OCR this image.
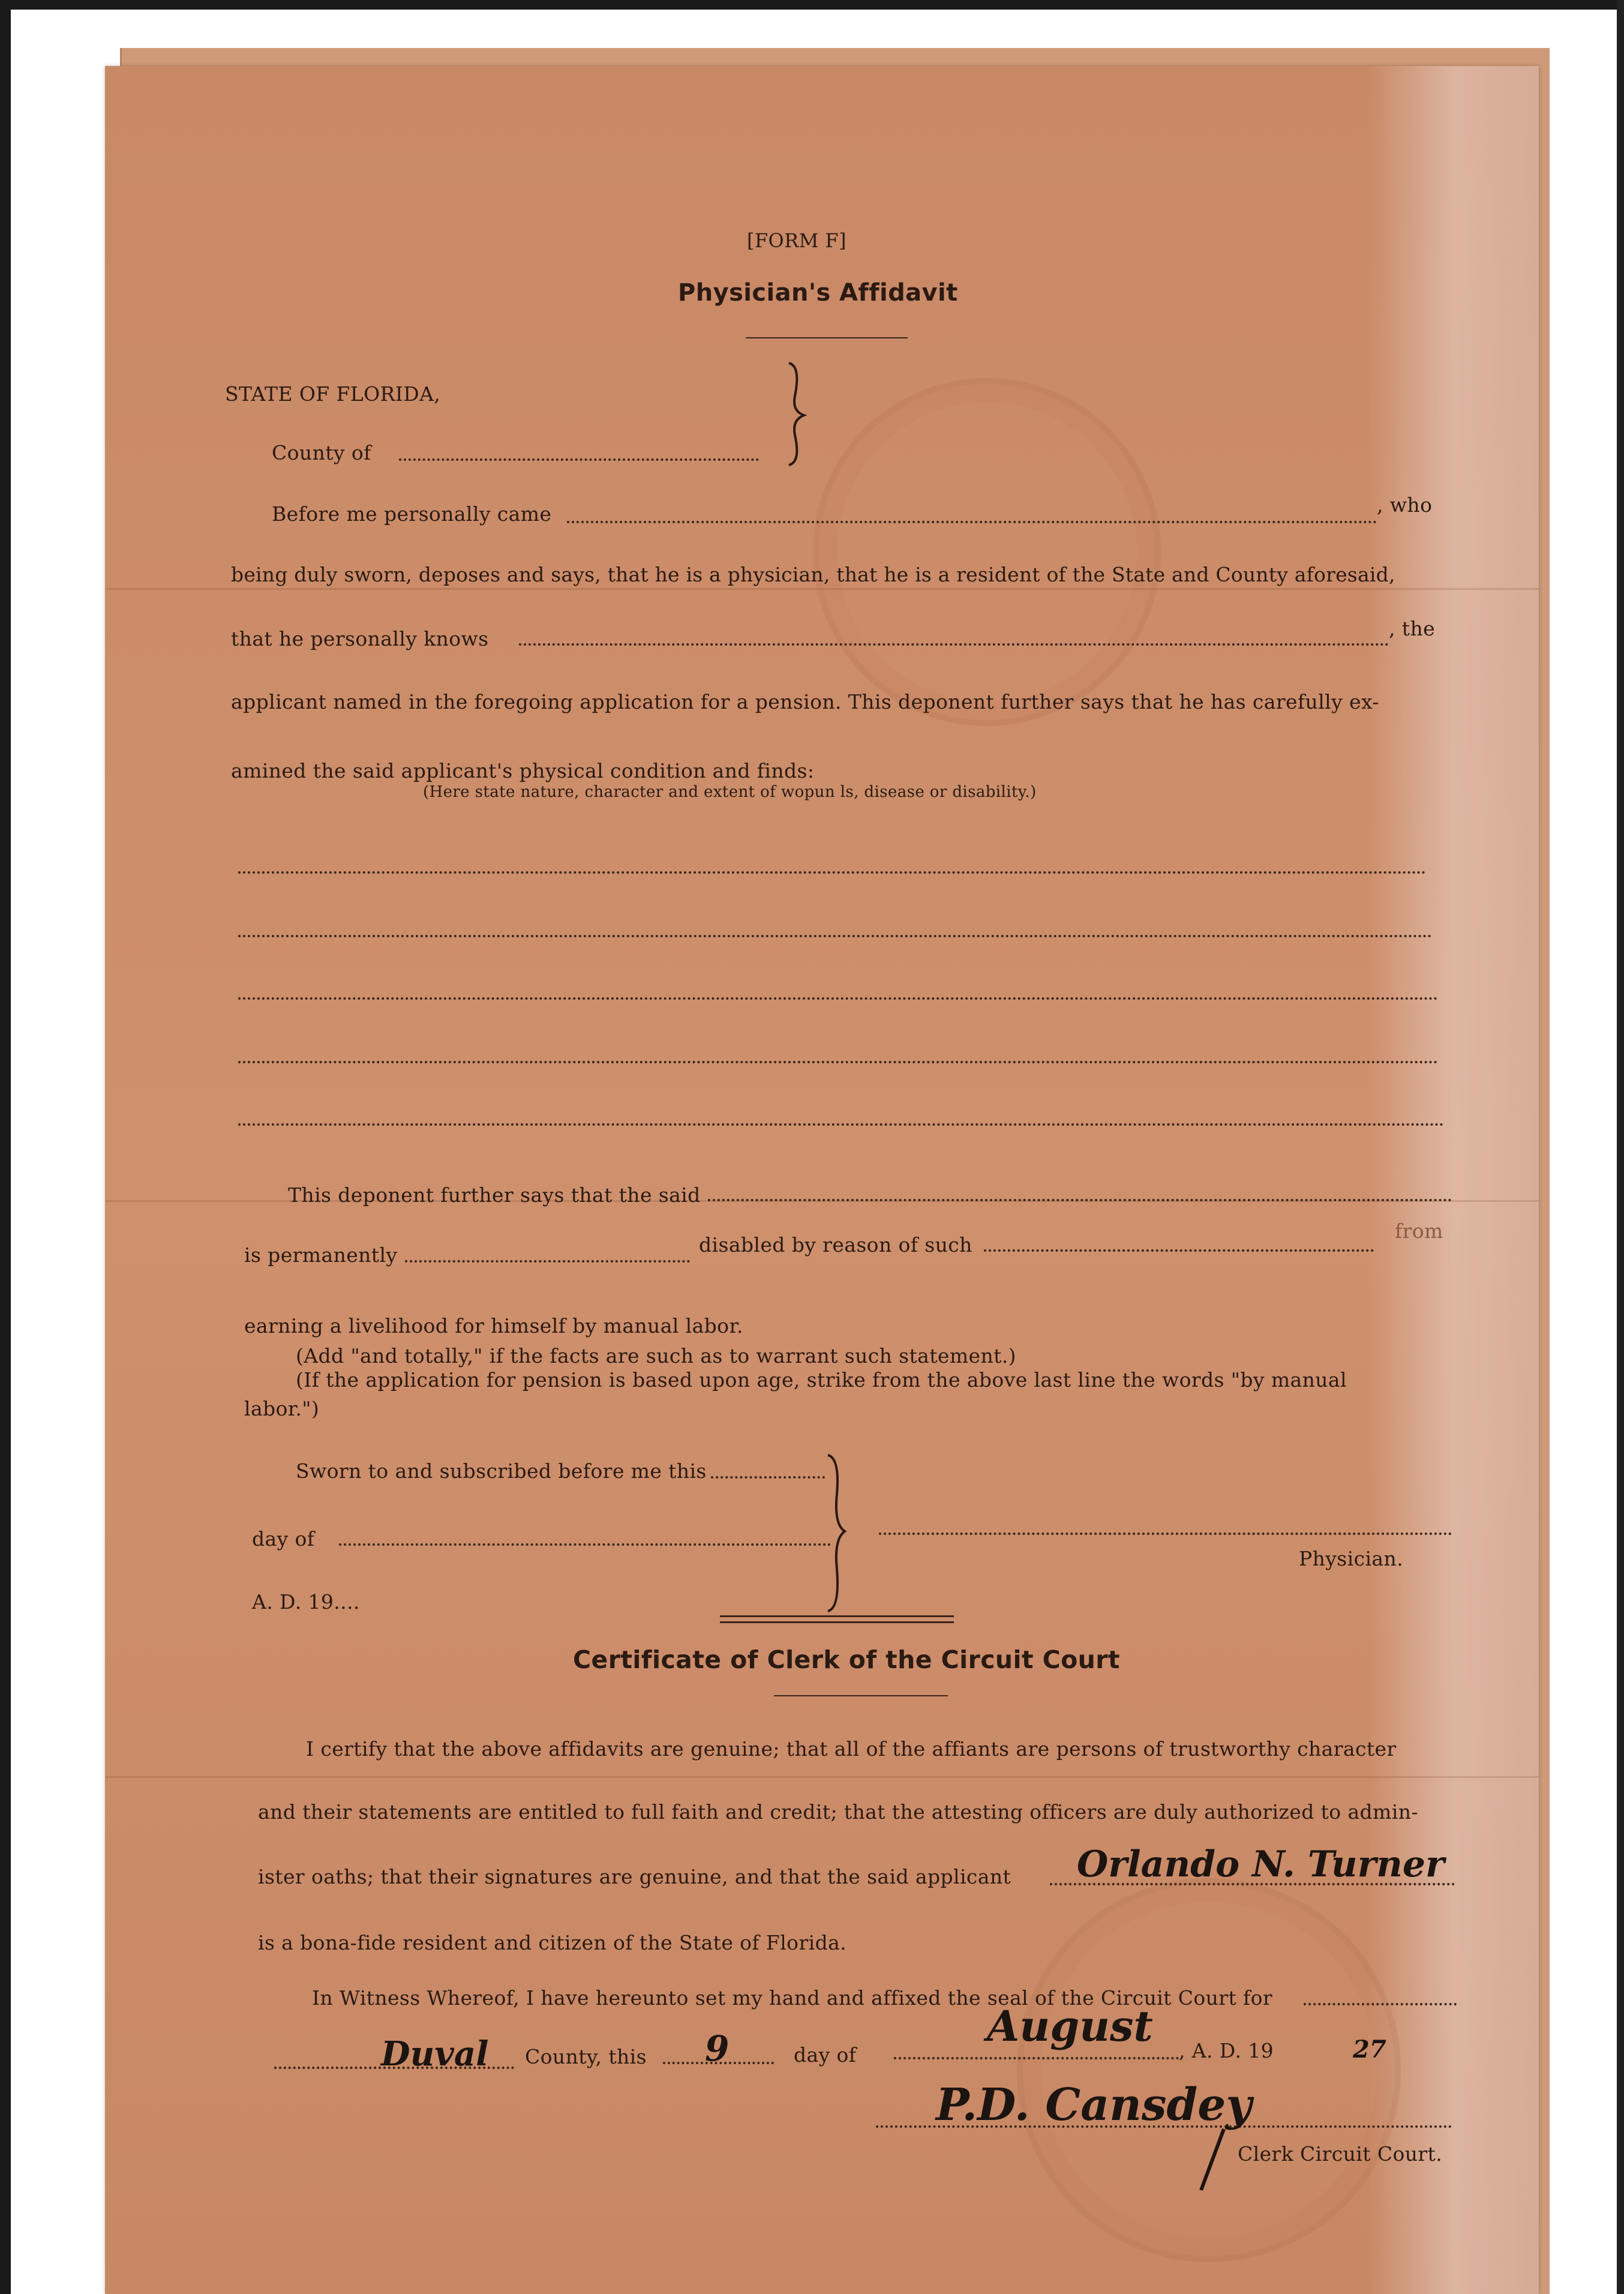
[FORM F]
Physician's Affidavit
STATE OF FLORIDA,
County of
Before me personally came	, who
being duly sworn, deposes and says, that he is a physician, that he is a resident of the State and County aforesaid,
that he personally knows	, the
applicant named in the foregoing application for a pension. This deponent further says that he has carefully ex-
amined the said applicant's physical condition and finds:
(Here state nature, character and extent of wopun ls, disease or disability.)
This deponent further says that the said
is permanently	disabled by reason of such
from
earning a livelihood for himself by manual labor.
(Add "and totally," if the facts are such as to warrant such statement.)
(If the application for pension is based upon age, strike from the above last line the words "by manual
labor.")
Sworn to and subscribed before me this
day of
A. D. 19....
Physician.
Certificate of Clerk of the Circuit Court
I certify that the above affidavits are genuine; that all of the affiants are persons of trustworthy character
and their statements are entitled to full faith and credit; that the attesting officers are duly authorized to admin-
ister oaths; that their signatures are genuine, and that the said applicant Orlando N. Turner
is a bona-fide resident and citizen of the State of Florida.
In Witness Whereof, I have hereunto set my hand and affixed the seal of the Circuit Court for
Duval County, this 9	day of
August , A. D. 19	27
P.D. Cansdey
Clerk Circuit Court.
